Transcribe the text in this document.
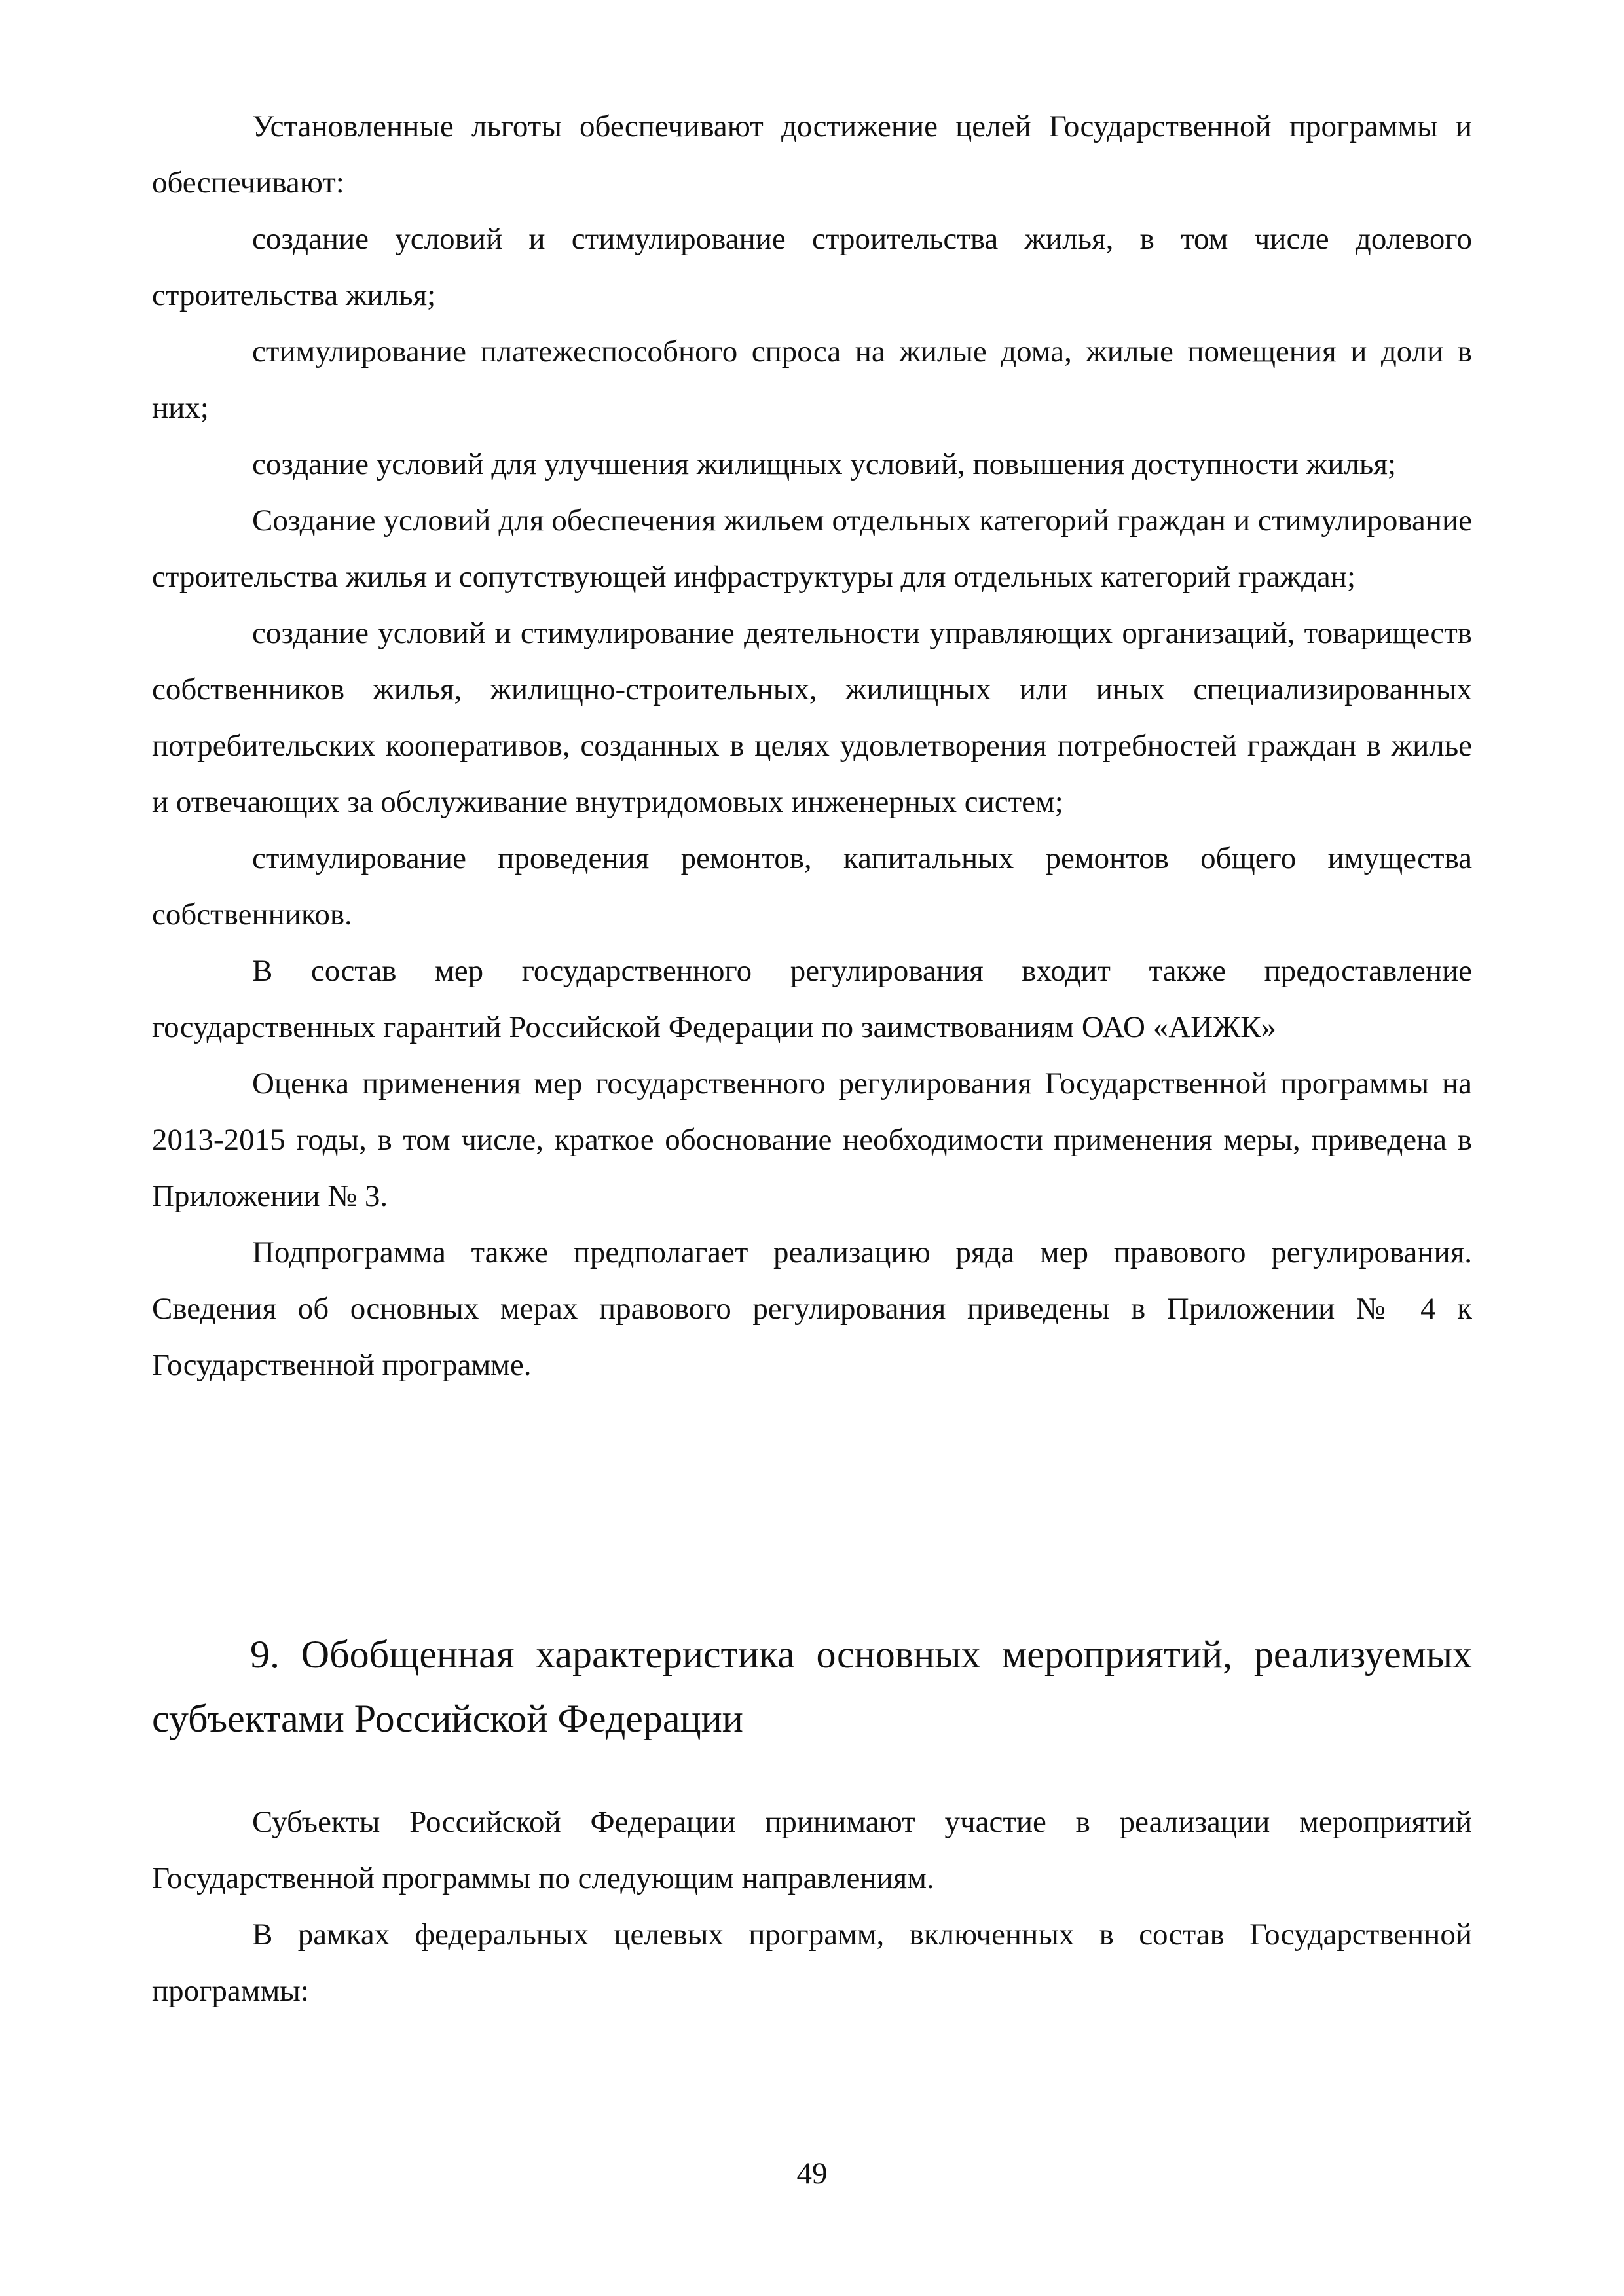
Установленные льготы обеспечивают достижение целей Государственной программы и обеспечивают:

создание условий и стимулирование строительства жилья, в том числе долевого строительства жилья;

стимулирование платежеспособного спроса на жилые дома, жилые помещения и доли в них;

создание условий для улучшения жилищных условий, повышения доступности жилья;

Создание условий для обеспечения жильем отдельных категорий граждан и стимулирование строительства жилья и сопутствующей инфраструктуры для отдельных категорий граждан;

создание условий и стимулирование деятельности управляющих организаций, товариществ собственников жилья, жилищно-строительных, жилищных или иных специализированных потребительских кооперативов, созданных в целях удовлетворения потребностей граждан в жилье и отвечающих за обслуживание внутридомовых инженерных систем;

стимулирование проведения ремонтов, капитальных ремонтов общего имущества собственников.

В состав мер государственного регулирования входит также предоставление государственных гарантий Российской Федерации по заимствованиям ОАО «АИЖК»

Оценка применения мер государственного регулирования Государственной программы на 2013-2015 годы, в том числе, краткое обоснование необходимости применения меры, приведена в Приложении № 3.

Подпрограмма также предполагает реализацию ряда мер правового регулирования. Сведения об основных мерах правового регулирования приведены в Приложении № 4 к Государственной программе.

9. Обобщенная характеристика основных мероприятий, реализуемых субъектами Российской Федерации

Субъекты Российской Федерации принимают участие в реализации мероприятий Государственной программы по следующим направлениям.

В рамках федеральных целевых программ, включенных в состав Государственной программы:

49
